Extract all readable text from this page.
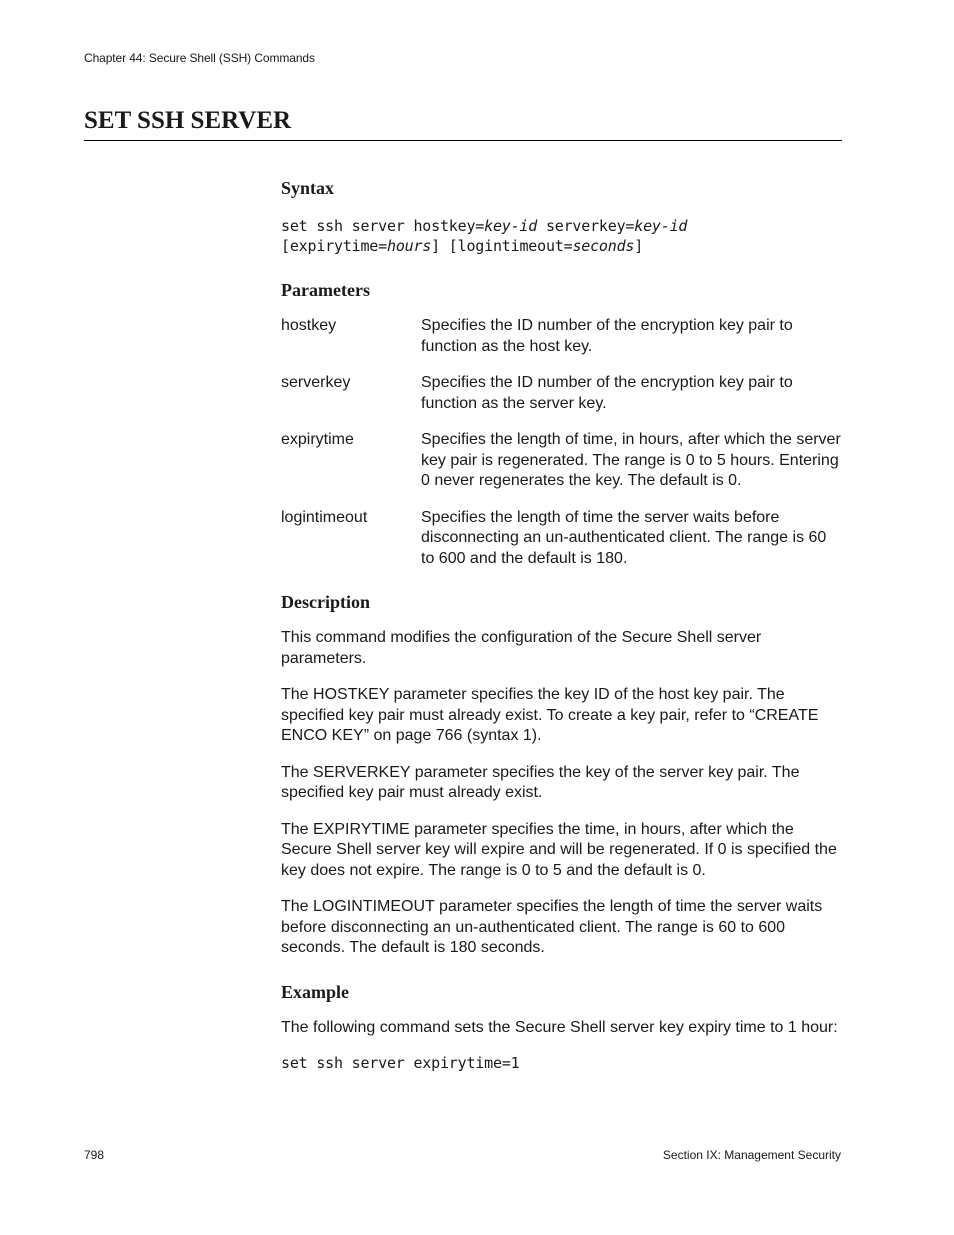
Chapter 44: Secure Shell (SSH) Commands
SET SSH SERVER
Syntax
set ssh server hostkey=key-id serverkey=key-id
[expirytime=hours] [logintimeout=seconds]
Parameters
hostkey	Specifies the ID number of the encryption key pair to function as the host key.
serverkey	Specifies the ID number of the encryption key pair to function as the server key.
expirytime	Specifies the length of time, in hours, after which the server key pair is regenerated. The range is 0 to 5 hours. Entering 0 never regenerates the key. The default is 0.
logintimeout	Specifies the length of time the server waits before disconnecting an un-authenticated client. The range is 60 to 600 and the default is 180.
Description

This command modifies the configuration of the Secure Shell server parameters.

The HOSTKEY parameter specifies the key ID of the host key pair. The specified key pair must already exist. To create a key pair, refer to “CREATE ENCO KEY” on page 766 (syntax 1).

The SERVERKEY parameter specifies the key of the server key pair. The specified key pair must already exist.

The EXPIRYTIME parameter specifies the time, in hours, after which the Secure Shell server key will expire and will be regenerated. If 0 is specified the key does not expire. The range is 0 to 5 and the default is 0.

The LOGINTIMEOUT parameter specifies the length of time the server waits before disconnecting an un-authenticated client. The range is 60 to 600 seconds. The default is 180 seconds.

Example

The following command sets the Secure Shell server key expiry time to 1 hour:

set ssh server expirytime=1
798	Section IX: Management Security
